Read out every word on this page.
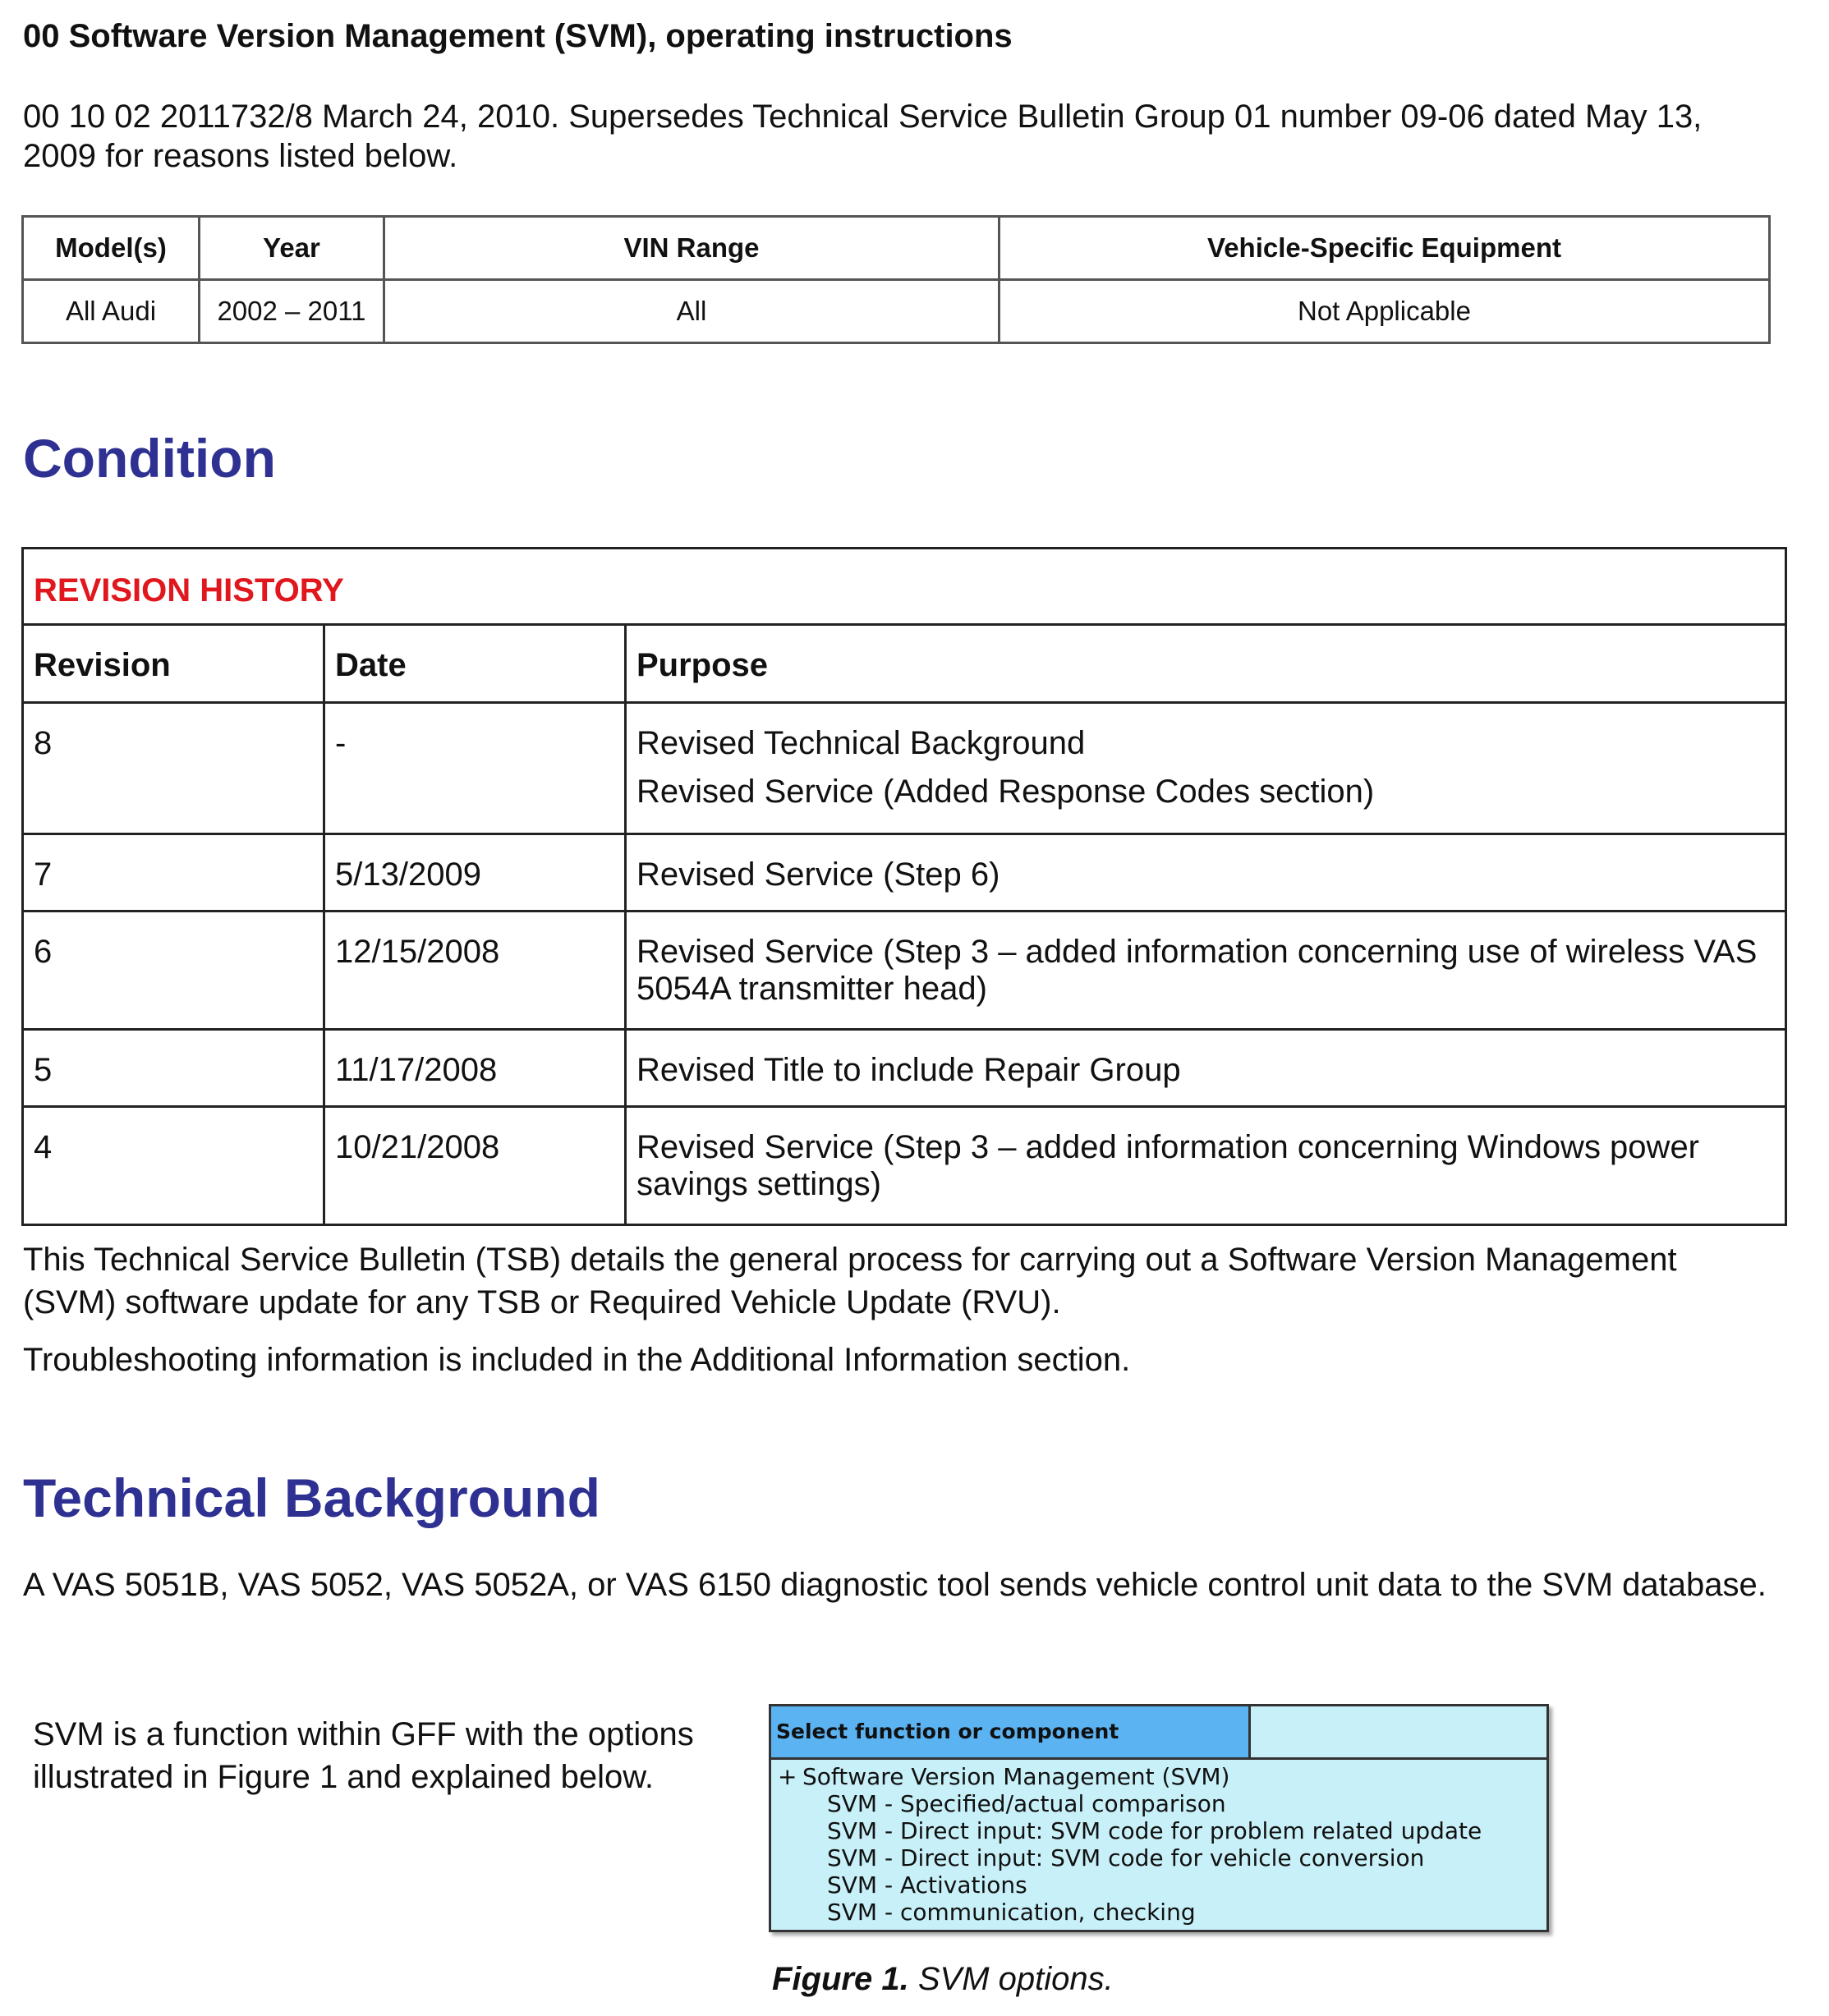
00 Software Version Management (SVM), operating instructions
00 10 02 2011732/8 March 24, 2010. Supersedes Technical Service Bulletin Group 01 number 09-06 dated May 13, 2009 for reasons listed below.
Model(s)	Year	VIN Range	Vehicle-Specific Equipment
All Audi	2002 – 2011	All	Not Applicable
Condition
REVISION HISTORY		
Revision	Date	Purpose
8	-	Revised Technical Background
Revised Service (Added Response Codes section)

7	5/13/2009	Revised Service (Step 6)
6	12/15/2008	Revised Service (Step 3 – added information concerning use of wireless VAS 5054A transmitter head)
5	11/17/2008	Revised Title to include Repair Group
4	10/21/2008	Revised Service (Step 3 – added information concerning Windows power savings settings)

This Technical Service Bulletin (TSB) details the general process for carrying out a Software Version Management (SVM) software update for any TSB or Required Vehicle Update (RVU).

Troubleshooting information is included in the Additional Information section.

Technical Background

A VAS 5051B, VAS 5052, VAS 5052A, or VAS 6150 diagnostic tool sends vehicle control unit data to the SVM database.

SVM is a function within GFF with the options illustrated in Figure 1 and explained below.

Select function or component
+ Software Version Management (SVM)
SVM - Specified/actual comparison
SVM - Direct input: SVM code for problem related update
SVM - Direct input: SVM code for vehicle conversion
SVM - Activations
SVM - communication, checking
Figure 1. SVM options.
